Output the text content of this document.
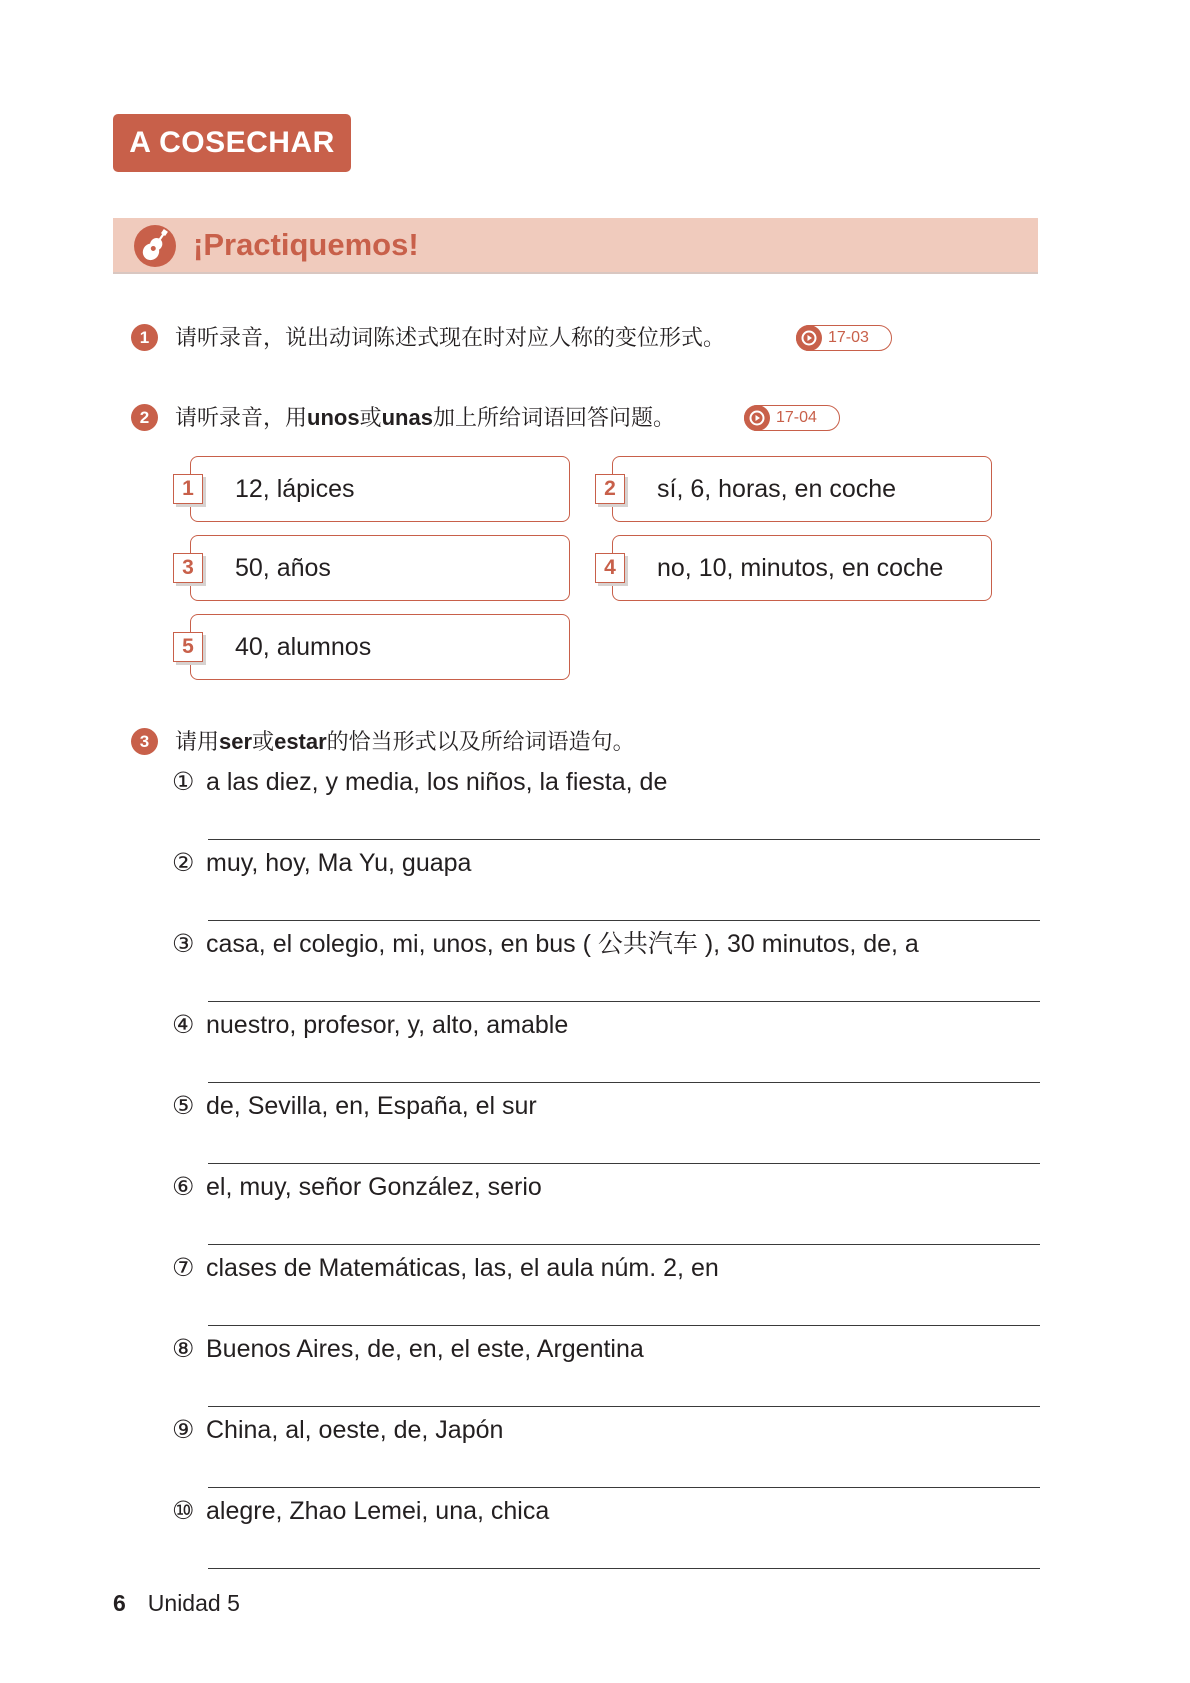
A COSECHAR
¡Practiquemos!
1	请听录音，说出动词陈述式现在时对应人称的变位形式。	17-03
2	请听录音，用unos或unas加上所给词语回答问题。	17-04
1	12, lápices	2	sí, 6, horas, en coche
3	50, años	4	no, 10, minutos, en coche
5	40, alumnos
3	请用ser或estar的恰当形式以及所给词语造句。
① a las diez, y media, los niños, la fiesta, de
② muy, hoy, Ma Yu, guapa
③ casa, el colegio, mi, unos, en bus ( 公共汽车 ), 30 minutos, de, a
④ nuestro, profesor, y, alto, amable
⑤ de, Sevilla, en, España, el sur
⑥ el, muy, señor González, serio
⑦ clases de Matemáticas, las, el aula núm. 2, en
⑧ Buenos Aires, de, en, el este, Argentina
⑨ China, al, oeste, de, Japón
⑩ alegre, Zhao Lemei, una, chica
6 Unidad 5
